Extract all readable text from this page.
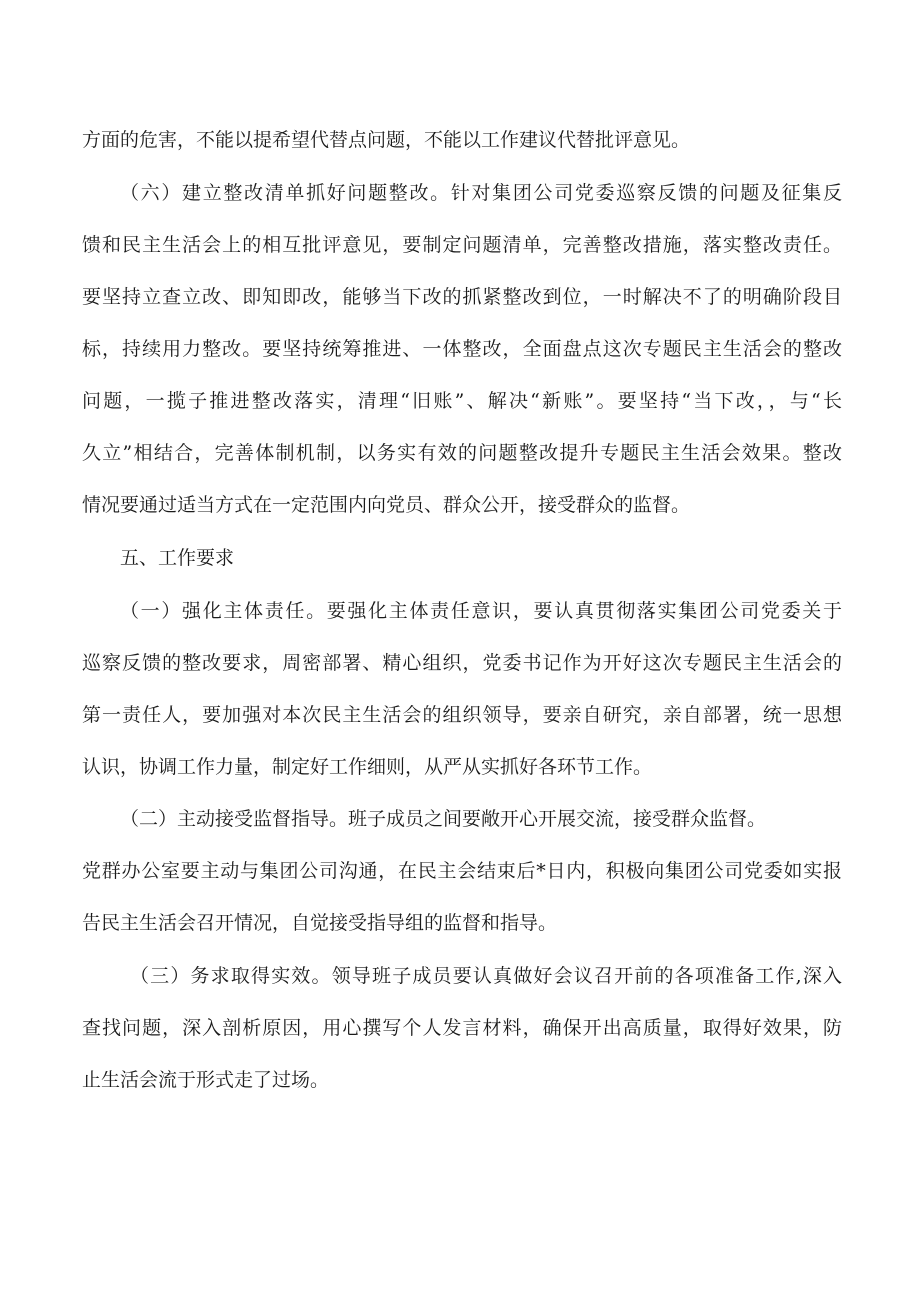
方面的危害，不能以提希望代替点问题，不能以工作建议代替批评意见。
（六）建立整改清单抓好问题整改。针对集团公司党委巡察反馈的问题及征集反
馈和民主生活会上的相互批评意见，要制定问题清单，完善整改措施，落实整改责任。
要坚持立查立改、即知即改，能够当下改的抓紧整改到位，一时解决不了的明确阶段目
标，持续用力整改。要坚持统筹推进、一体整改，全面盘点这次专题民主生活会的整改
问题，一揽子推进整改落实，清理“旧账”、解决“新账”。要坚持“当下改，，与“长
久立”相结合，完善体制机制，以务实有效的问题整改提升专题民主生活会效果。整改
情况要通过适当方式在一定范围内向党员、群众公开，接受群众的监督。
五、工作要求
（一）强化主体责任。要强化主体责任意识，要认真贯彻落实集团公司党委关于
巡察反馈的整改要求，周密部署、精心组织，党委书记作为开好这次专题民主生活会的
第一责任人，要加强对本次民主生活会的组织领导，要亲自研究，亲自部署，统一思想
认识，协调工作力量，制定好工作细则，从严从实抓好各环节工作。
（二）主动接受监督指导。班子成员之间要敞开心开展交流，接受群众监督。
党群办公室要主动与集团公司沟通，在民主会结束后*日内，积极向集团公司党委如实报
告民主生活会召开情况，自觉接受指导组的监督和指导。
（三）务求取得实效。领导班子成员要认真做好会议召开前的各项准备工作,深入
查找问题，深入剖析原因，用心撰写个人发言材料，确保开出高质量，取得好效果，防
止生活会流于形式走了过场。
